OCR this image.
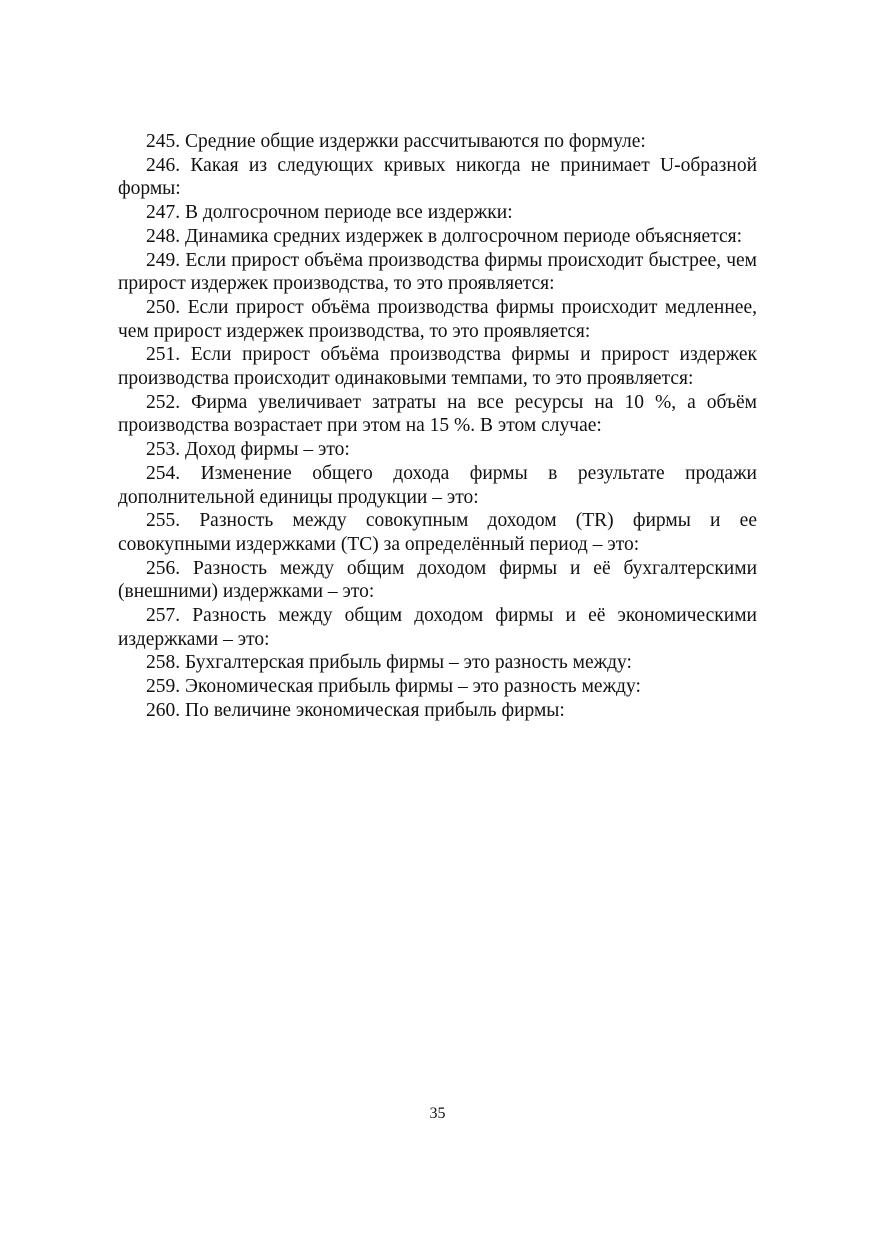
245. Средние общие издержки рассчитываются по формуле:

246. Какая из следующих кривых никогда не принимает U-образной формы:

247. В долгосрочном периоде все издержки:

248. Динамика средних издержек в долгосрочном периоде объясняется:

249. Если прирост объёма производства фирмы происходит быстрее, чем прирост издержек производства, то это проявляется:

250. Если прирост объёма производства фирмы происходит медленнее, чем прирост издержек производства, то это проявляется:

251. Если прирост объёма производства фирмы и прирост издержек производства происходит одинаковыми темпами, то это проявляется:

252. Фирма увеличивает затраты на все ресурсы на 10 %, а объём производства возрастает при этом на 15 %. В этом случае:

253. Доход фирмы – это:

254. Изменение общего дохода фирмы в результате продажи дополнительной единицы продукции – это:

255. Разность между совокупным доходом (TR) фирмы и ее совокупными издержками (TC) за определённый период – это:

256. Разность между общим доходом фирмы и её бухгалтерскими (внешними) издержками – это:

257. Разность между общим доходом фирмы и её экономическими издержками – это:

258. Бухгалтерская прибыль фирмы – это разность между:

259. Экономическая прибыль фирмы – это разность между:

260. По величине экономическая прибыль фирмы:

35
